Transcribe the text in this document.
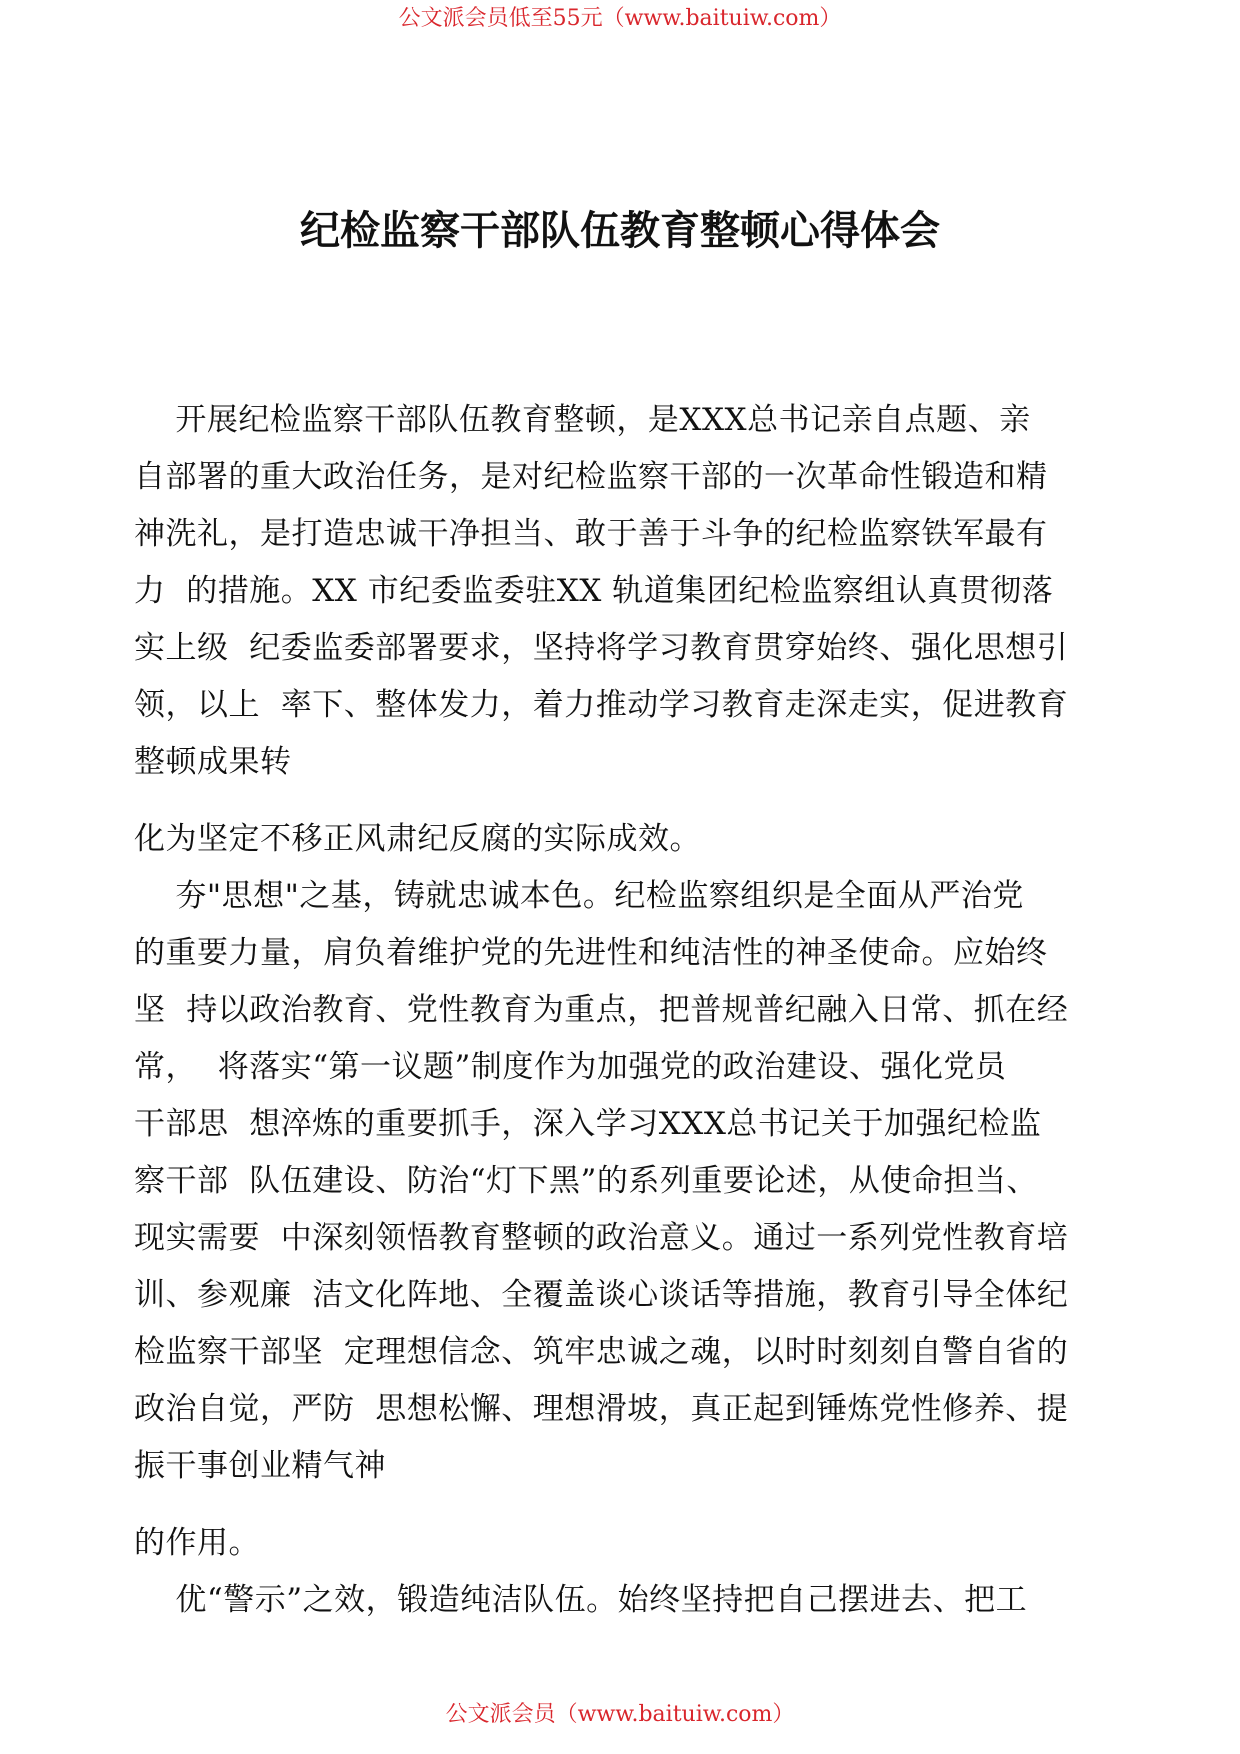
公文派会员低至55元（www.baituiw.com）
纪检监察干部队伍教育整顿心得体会
开展纪检监察干部队伍教育整顿，是XXX总书记亲自点题、亲
自部署的重大政治任务，是对纪检监察干部的一次革命性锻造和精
神洗礼，是打造忠诚干净担当、敢于善于斗争的纪检监察铁军最有
力  的措施。XX 市纪委监委驻XX 轨道集团纪检监察组认真贯彻落
实上级  纪委监委部署要求，坚持将学习教育贯穿始终、强化思想引
领，以上  率下、整体发力，着力推动学习教育走深走实，促进教育
整顿成果转
化为坚定不移正风肃纪反腐的实际成效。
夯"思想"之基，铸就忠诚本色。纪检监察组织是全面从严治党
的重要力量，肩负着维护党的先进性和纯洁性的神圣使命。应始终
坚  持以政治教育、党性教育为重点，把普规普纪融入日常、抓在经
常，  将落实“第一议题”制度作为加强党的政治建设、强化党员
干部思  想淬炼的重要抓手，深入学习XXX总书记关于加强纪检监
察干部  队伍建设、防治“灯下黑”的系列重要论述，从使命担当、
现实需要  中深刻领悟教育整顿的政治意义。通过一系列党性教育培
训、参观廉  洁文化阵地、全覆盖谈心谈话等措施，教育引导全体纪
检监察干部坚  定理想信念、筑牢忠诚之魂，以时时刻刻自警自省的
政治自觉，严防  思想松懈、理想滑坡，真正起到锤炼党性修养、提
振干事创业精气神
的作用。
优“警示”之效，锻造纯洁队伍。始终坚持把自己摆进去、把工
公文派会员（www.baituiw.com）
